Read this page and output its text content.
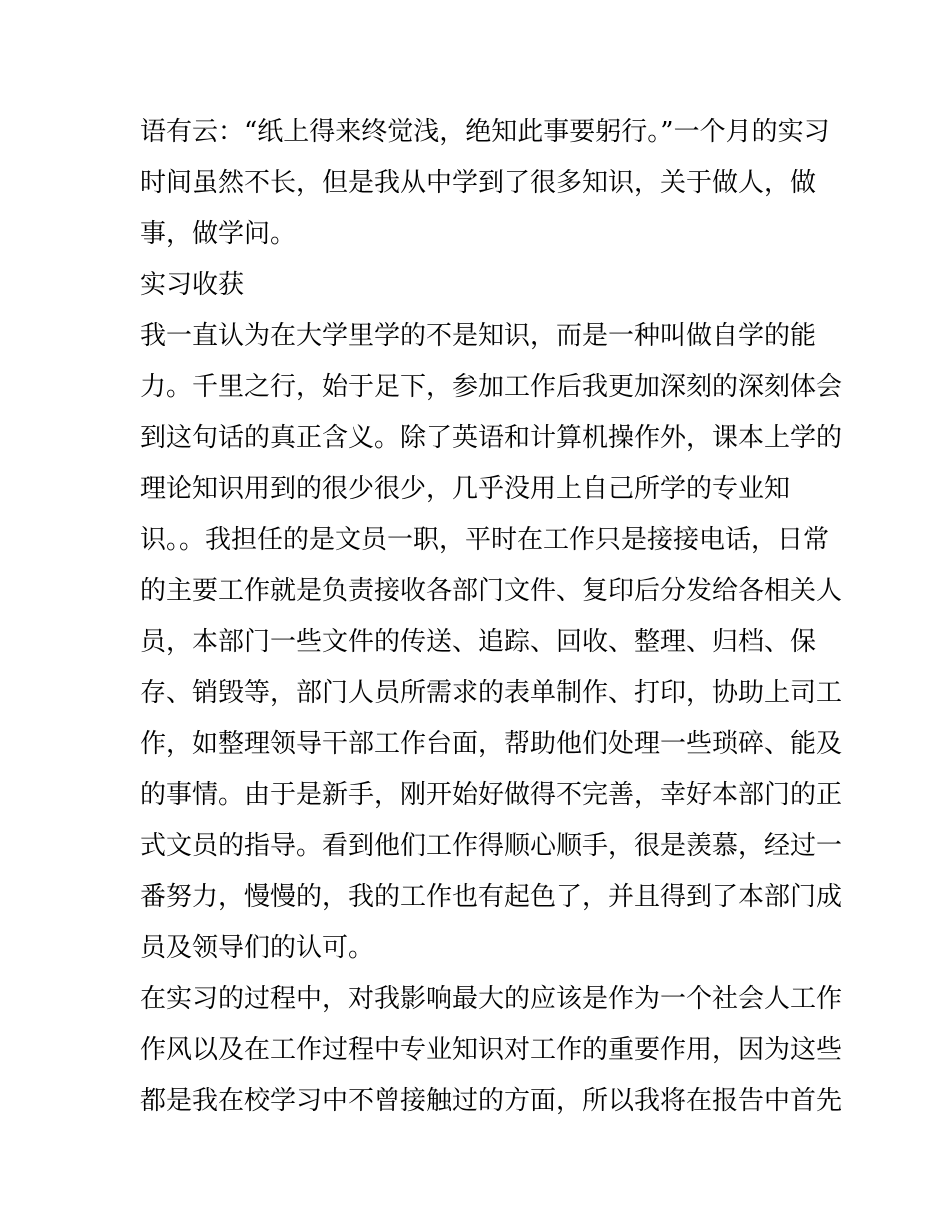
语有云：“纸上得来终觉浅，绝知此事要躬行。”一个月的实习
时间虽然不长，但是我从中学到了很多知识，关于做人，做
事，做学问。
实习收获
我一直认为在大学里学的不是知识，而是一种叫做自学的能
力。千里之行，始于足下，参加工作后我更加深刻的深刻体会
到这句话的真正含义。除了英语和计算机操作外，课本上学的
理论知识用到的很少很少，几乎没用上自己所学的专业知
识。。我担任的是文员一职，平时在工作只是接接电话，日常
的主要工作就是负责接收各部门文件、复印后分发给各相关人
员，本部门一些文件的传送、追踪、回收、整理、归档、保
存、销毁等，部门人员所需求的表单制作、打印，协助上司工
作，如整理领导干部工作台面，帮助他们处理一些琐碎、能及
的事情。由于是新手，刚开始好做得不完善，幸好本部门的正
式文员的指导。看到他们工作得顺心顺手，很是羡慕，经过一
番努力，慢慢的，我的工作也有起色了，并且得到了本部门成
员及领导们的认可。
在实习的过程中，对我影响最大的应该是作为一个社会人工作
作风以及在工作过程中专业知识对工作的重要作用，因为这些
都是我在校学习中不曾接触过的方面，所以我将在报告中首先
